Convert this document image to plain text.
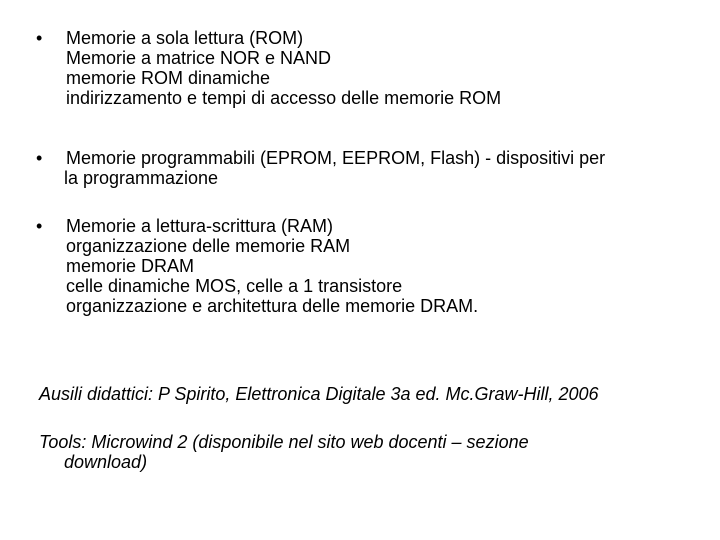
•	Memorie a sola lettura (ROM)
Memorie a matrice NOR e NAND
memorie ROM dinamiche
indirizzamento e tempi di accesso delle memorie ROM
•	Memorie programmabili (EPROM, EEPROM, Flash) - dispositivi per
la programmazione
•	Memorie a lettura-scrittura (RAM)
organizzazione delle memorie RAM
memorie DRAM
celle dinamiche MOS, celle a 1 transistore
organizzazione e architettura delle memorie DRAM.
Ausili didattici: P Spirito, Elettronica Digitale 3a ed. Mc.Graw-Hill, 2006
Tools: Microwind 2 (disponibile nel sito web docenti – sezione
download)
